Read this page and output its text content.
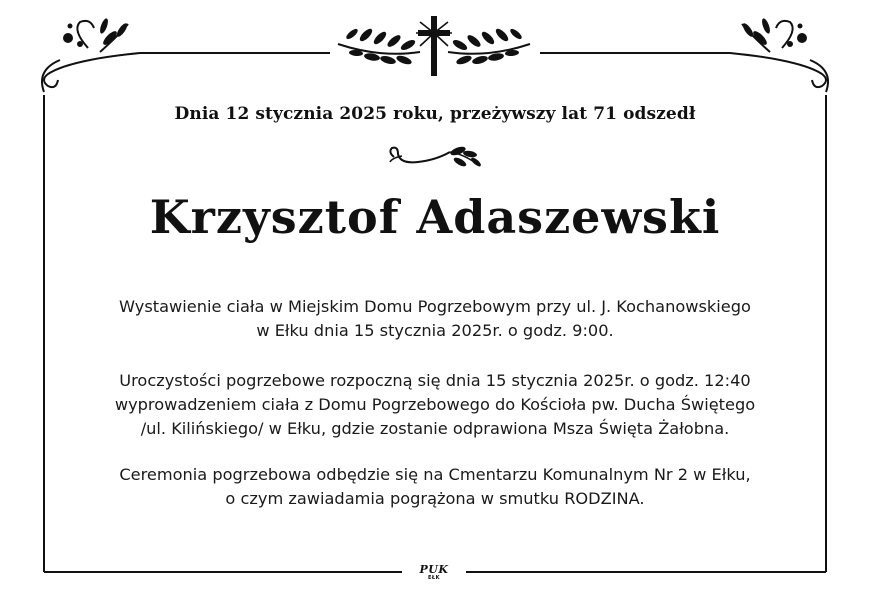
Dnia 12 stycznia 2025 roku, przeżywszy lat 71 odszedł
Krzysztof Adaszewski
Wystawienie ciała w Miejskim Domu Pogrzebowym przy ul. J. Kochanowskiego
w Ełku dnia 15 stycznia 2025r. o godz. 9:00.
Uroczystości pogrzebowe rozpoczną się dnia 15 stycznia 2025r. o godz. 12:40
wyprowadzeniem ciała z Domu Pogrzebowego do Kościoła pw. Ducha Świętego
/ul. Kilińskiego/ w Ełku, gdzie zostanie odprawiona Msza Święta Żałobna.
Ceremonia pogrzebowa odbędzie się na Cmentarzu Komunalnym Nr 2 w Ełku,
o czym zawiadamia pogrążona w smutku RODZINA.
PUK
EŁK
